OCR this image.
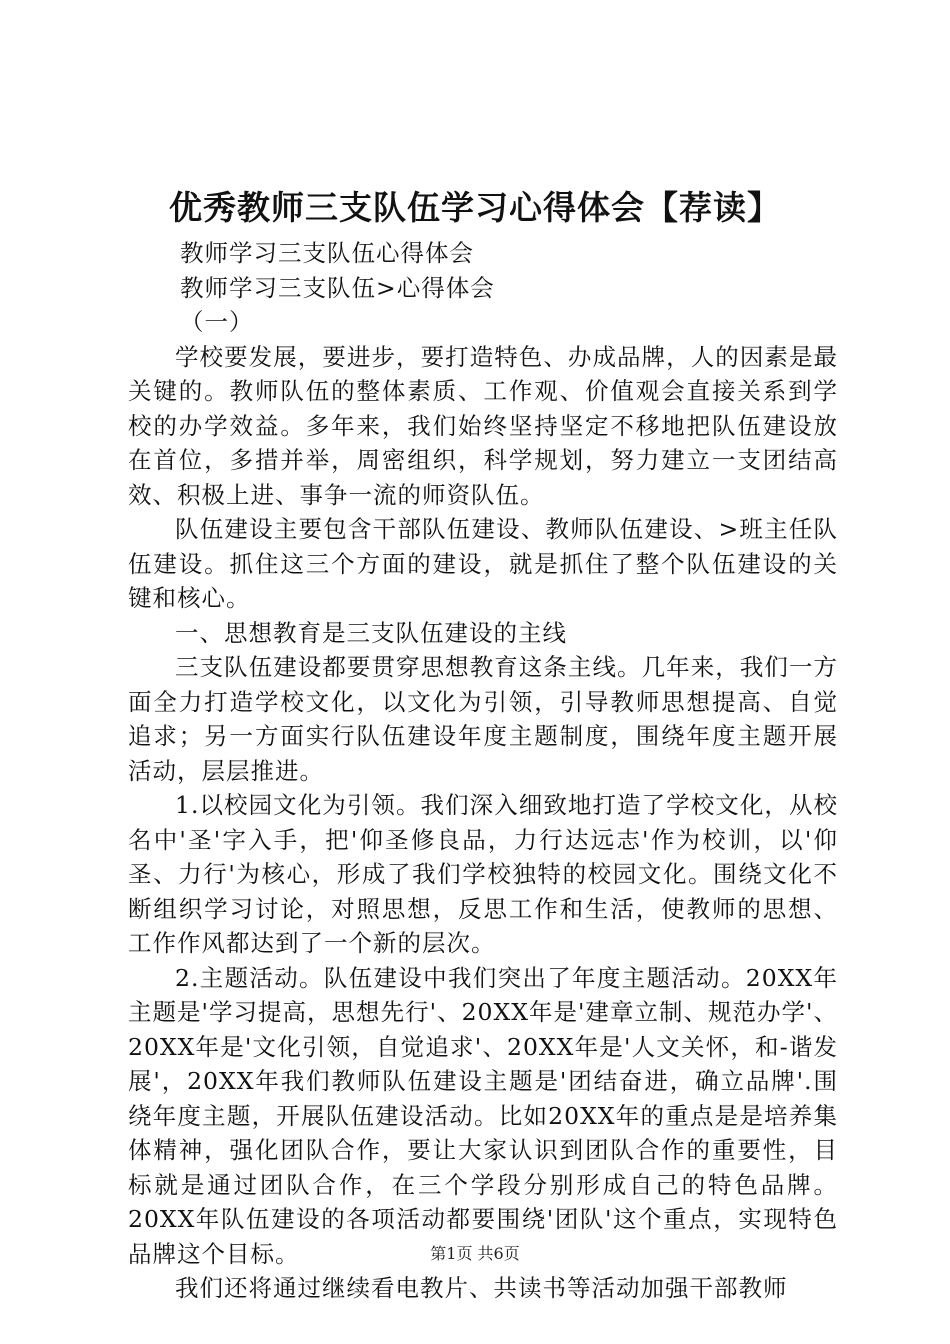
优秀教师三支队伍学习心得体会【荐读】

教师学习三支队伍心得体会

教师学习三支队伍>心得体会

（一）

学校要发展，要进步，要打造特色、办成品牌，人的因素是最关键的。教师队伍的整体素质、工作观、价值观会直接关系到学校的办学效益。多年来，我们始终坚持坚定不移地把队伍建设放在首位，多措并举，周密组织，科学规划，努力建立一支团结高效、积极上进、事争一流的师资队伍。

队伍建设主要包含干部队伍建设、教师队伍建设、>班主任队伍建设。抓住这三个方面的建设，就是抓住了整个队伍建设的关键和核心。

一、思想教育是三支队伍建设的主线

三支队伍建设都要贯穿思想教育这条主线。几年来，我们一方面全力打造学校文化，以文化为引领，引导教师思想提高、自觉追求；另一方面实行队伍建设年度主题制度，围绕年度主题开展活动，层层推进。

1.以校园文化为引领。我们深入细致地打造了学校文化，从校名中'圣'字入手，把'仰圣修良品，力行达远志'作为校训，以'仰圣、力行'为核心，形成了我们学校独特的校园文化。围绕文化不断组织学习讨论，对照思想，反思工作和生活，使教师的思想、工作作风都达到了一个新的层次。

2.主题活动。队伍建设中我们突出了年度主题活动。20XX年主题是'学习提高，思想先行'、20XX年是'建章立制、规范办学'、20XX年是'文化引领，自觉追求'、20XX年是'人文关怀，和-谐发展'，20XX年我们教师队伍建设主题是'团结奋进，确立品牌'.围绕年度主题，开展队伍建设活动。比如20XX年的重点是是培养集体精神，强化团队合作，要让大家认识到团队合作的重要性，目标就是通过团队合作，在三个学段分别形成自己的特色品牌。20XX年队伍建设的各项活动都要围绕'团队'这个重点，实现特色品牌这个目标。

我们还将通过继续看电教片、共读书等活动加强干部教师

第1页 共6页
